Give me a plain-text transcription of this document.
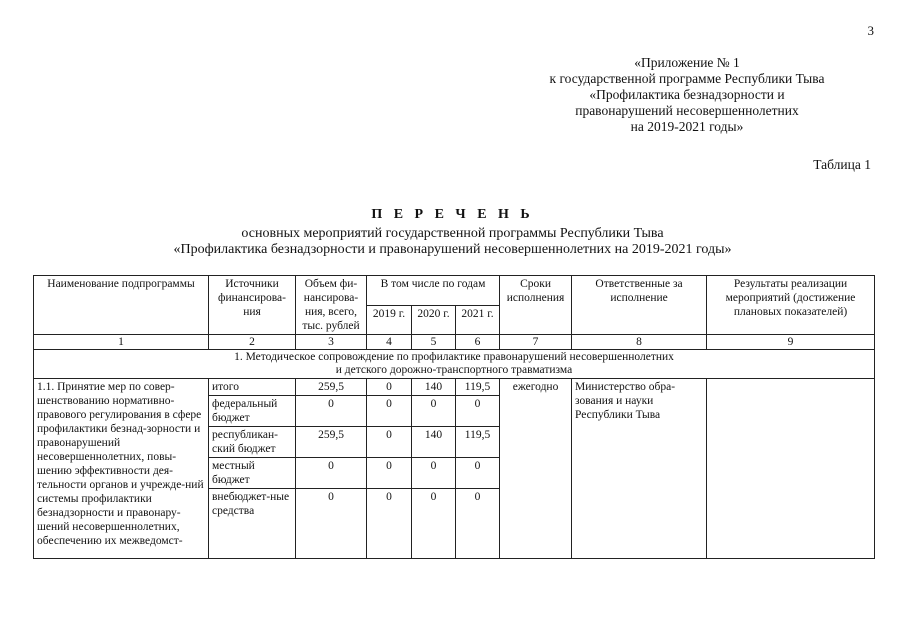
3
«Приложение № 1
к государственной программе Республики Тыва
«Профилактика безнадзорности и
правонарушений несовершеннолетних
на 2019-2021 годы»
Таблица 1
П Е Р Е Ч Е Н Ь
основных мероприятий государственной программы Республики Тыва
«Профилактика безнадзорности и правонарушений несовершеннолетних на 2019-2021 годы»
Наименование подпрограммы	Источники финансирова-ния	Объем фи-нансирова-ния, всего, тыс. рублей	В том числе по годам			Сроки исполнения	Ответственные за исполнение	Результаты реализации мероприятий (достижение плановых показателей)
			2019 г.	2020 г.	2021 г.			
1	2	3	4	5	6	7	8	9

1. Методическое сопровождение по профилактике правонарушений несовершеннолетних
и детского дорожно-транспортного травматизма								

1.1. Принятие мер по совер-шенствованию нормативно-правового регулирования в сфере профилактики безнад-зорности и правонарушений несовершеннолетних, повы-шению эффективности дея-тельности органов и учрежде-ний системы профилактики безнадзорности и правонару-шений несовершеннолетних, обеспечению их межведомст-	итого	259,5	0	140	119,5	ежегодно	Министерство обра-зования и науки Республики Тыва	
	федеральный бюджет	0	0	0	0			
	республикан-ский бюджет	259,5	0	140	119,5			
	местный бюджет	0	0	0	0			
	внебюджет-ные средства	0	0	0	0			
